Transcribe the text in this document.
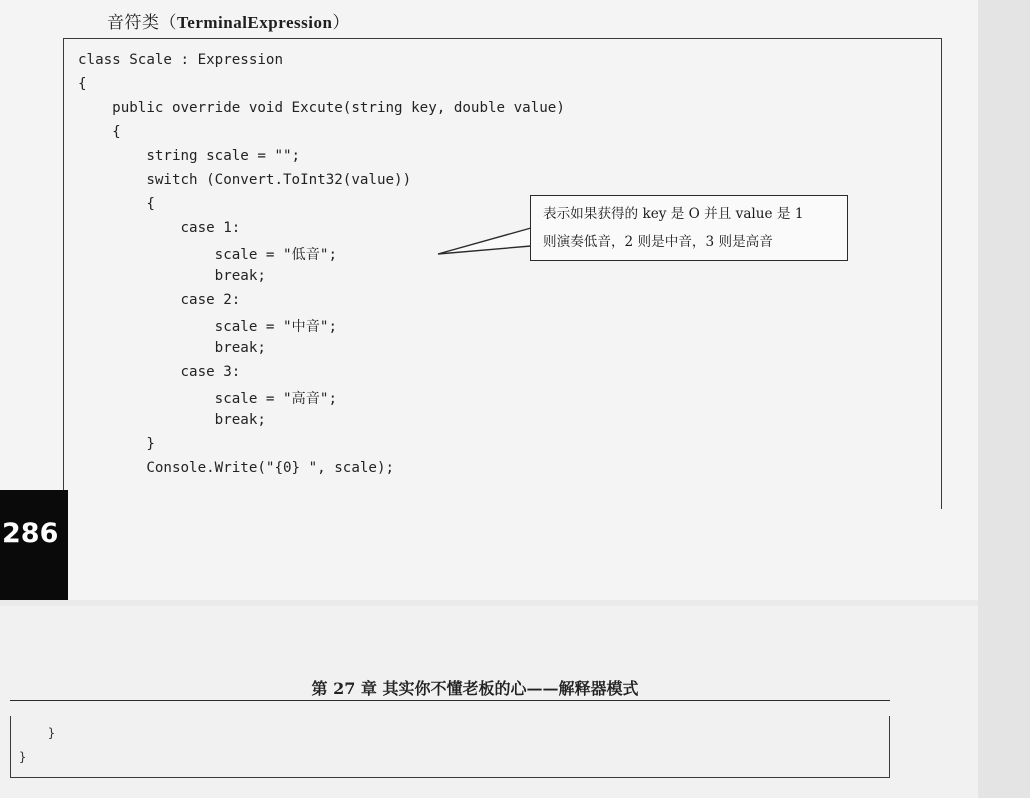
音符类（TerminalExpression）
class Scale : Expression
{
public override void Excute(string key, double value)
{
string scale = "";
switch (Convert.ToInt32(value))
{
case 1:
scale = "低音";
break;
case 2:
scale = "中音";
break;
case 3:
scale = "高音";
break;
}
Console.Write("{0} ", scale);
表示如果获得的 key 是 O 并且 value 是 1
则演奏低音，2 则是中音，3 则是高音
286
第 27 章 其实你不懂老板的心——解释器模式
}
}
